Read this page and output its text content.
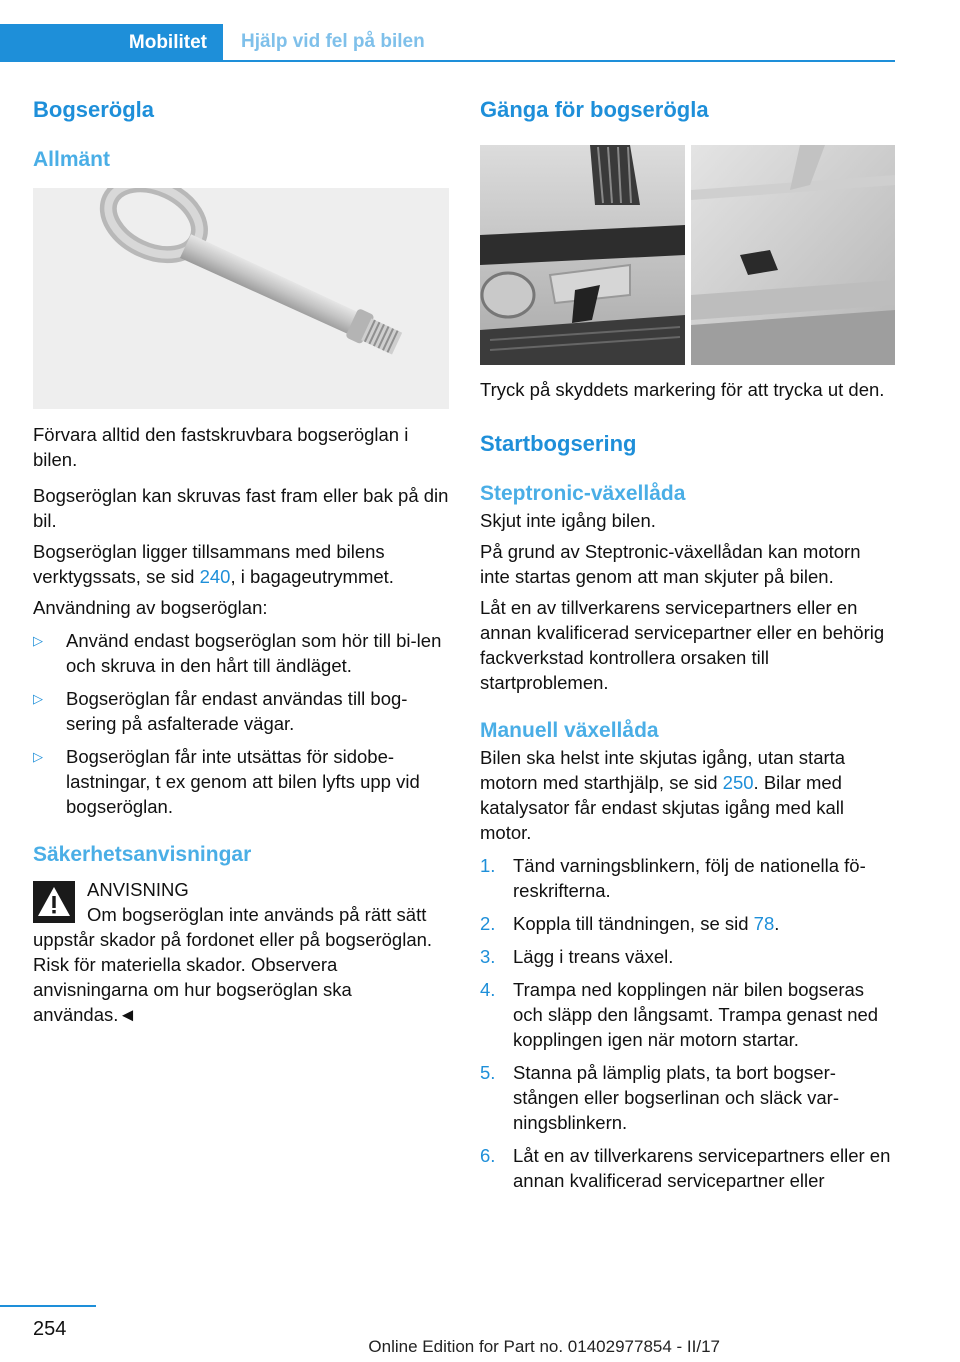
Mobilitet	Hjälp vid fel på bilen
Bogserögla
Allmänt

Förvara alltid den fastskruvbara bogseröglan i bilen.

Bogseröglan kan skruvas fast fram eller bak på din bil.

Bogseröglan ligger tillsammans med bilens verktygssats, se sid 240, i bagageutrymmet.

Användning av bogseröglan:

▷ Använd endast bogseröglan som hör till bi-len och skruva in den hårt till ändläget.
▷ Bogseröglan får endast användas till bog-sering på asfalterade vägar.
▷ Bogseröglan får inte utsättas för sidobe-lastningar, t ex genom att bilen lyfts upp vid bogseröglan.
Säkerhetsanvisningar
ANVISNING
Om bogseröglan inte används på rätt sätt uppstår skador på fordonet eller på bogseröglan. Risk för materiella skador. Observera anvisningarna om hur bogseröglan ska användas.◄
Gänga för bogserögla

Tryck på skyddets markering för att trycka ut den.

Startbogsering
Steptronic-växellåda

Skjut inte igång bilen.

På grund av Steptronic-växellådan kan motorn inte startas genom att man skjuter på bilen.

Låt en av tillverkarens servicepartners eller en annan kvalificerad servicepartner eller en behörig fackverkstad kontrollera orsaken till startproblemen.

Manuell växellåda

Bilen ska helst inte skjutas igång, utan starta motorn med starthjälp, se sid 250. Bilar med katalysator får endast skjutas igång med kall motor.

1. Tänd varningsblinkern, följ de nationella fö-reskrifterna.
2. Koppla till tändningen, se sid 78.
3. Lägg i treans växel.
4. Trampa ned kopplingen när bilen bogseras och släpp den långsamt. Trampa genast ned kopplingen igen när motorn startar.
5. Stanna på lämplig plats, ta bort bogser-stången eller bogserlinan och släck var-ningsblinkern.
6. Låt en av tillverkarens servicepartners eller en annan kvalificerad servicepartner eller
254
Online Edition for Part no. 01402977854 - II/17
